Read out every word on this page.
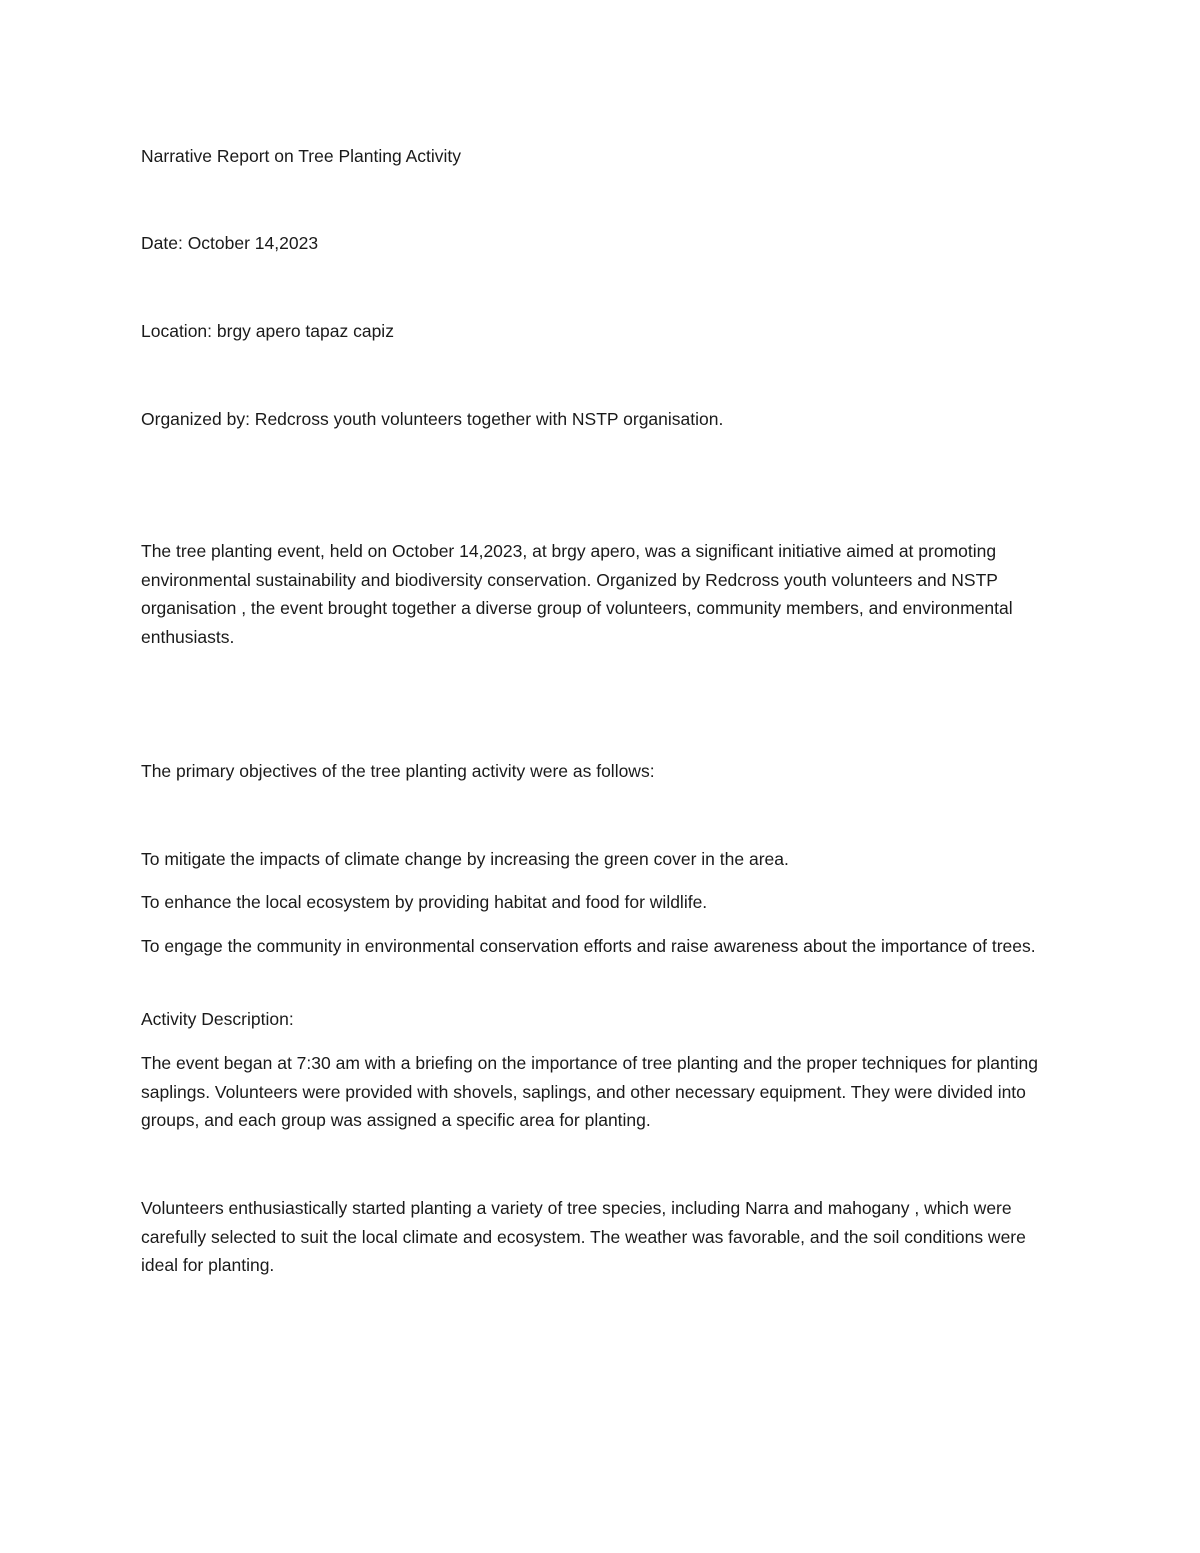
Narrative Report on Tree Planting Activity

Date: October 14,2023

Location: brgy apero tapaz capiz

Organized by: Redcross youth volunteers together with NSTP organisation.

The tree planting event, held on October 14,2023, at brgy apero, was a significant initiative aimed at promoting environmental sustainability and biodiversity conservation. Organized by Redcross youth volunteers and NSTP organisation , the event brought together a diverse group of volunteers, community members, and environmental enthusiasts.

The primary objectives of the tree planting activity were as follows:

To mitigate the impacts of climate change by increasing the green cover in the area.

To enhance the local ecosystem by providing habitat and food for wildlife.

To engage the community in environmental conservation efforts and raise awareness about the importance of trees.

Activity Description:

The event began at 7:30 am with a briefing on the importance of tree planting and the proper techniques for planting saplings. Volunteers were provided with shovels, saplings, and other necessary equipment. They were divided into groups, and each group was assigned a specific area for planting.

Volunteers enthusiastically started planting a variety of tree species, including Narra and mahogany , which were carefully selected to suit the local climate and ecosystem. The weather was favorable, and the soil conditions were ideal for planting.
